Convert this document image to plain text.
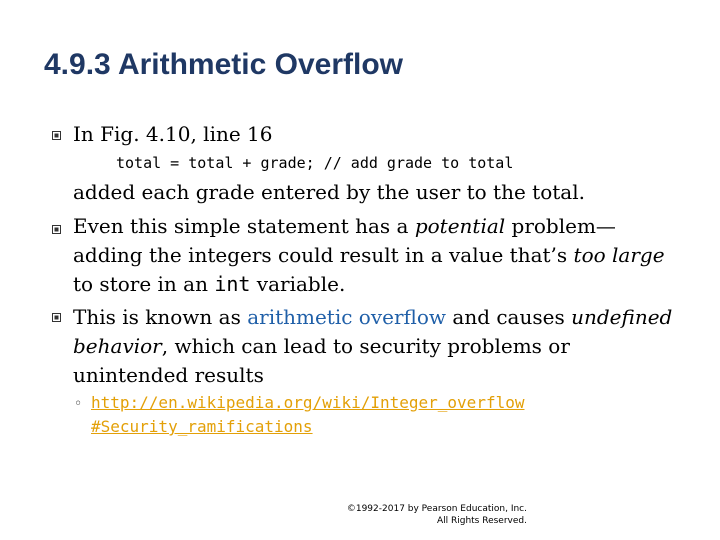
4.9.3 Arithmetic Overflow
In Fig. 4.10, line 16
total = total + grade; // add grade to total
added each grade entered by the user to the total.
Even this simple statement has a potential problem—
adding the integers could result in a value that’s too large
to store in an int variable.
This is known as arithmetic overflow and causes undefined
behavior, which can lead to security problems or
unintended results
◦ http://en.wikipedia.org/wiki/Integer_overflow
#Security_ramifications
©1992-2017 by Pearson Education, Inc.
All Rights Reserved.
